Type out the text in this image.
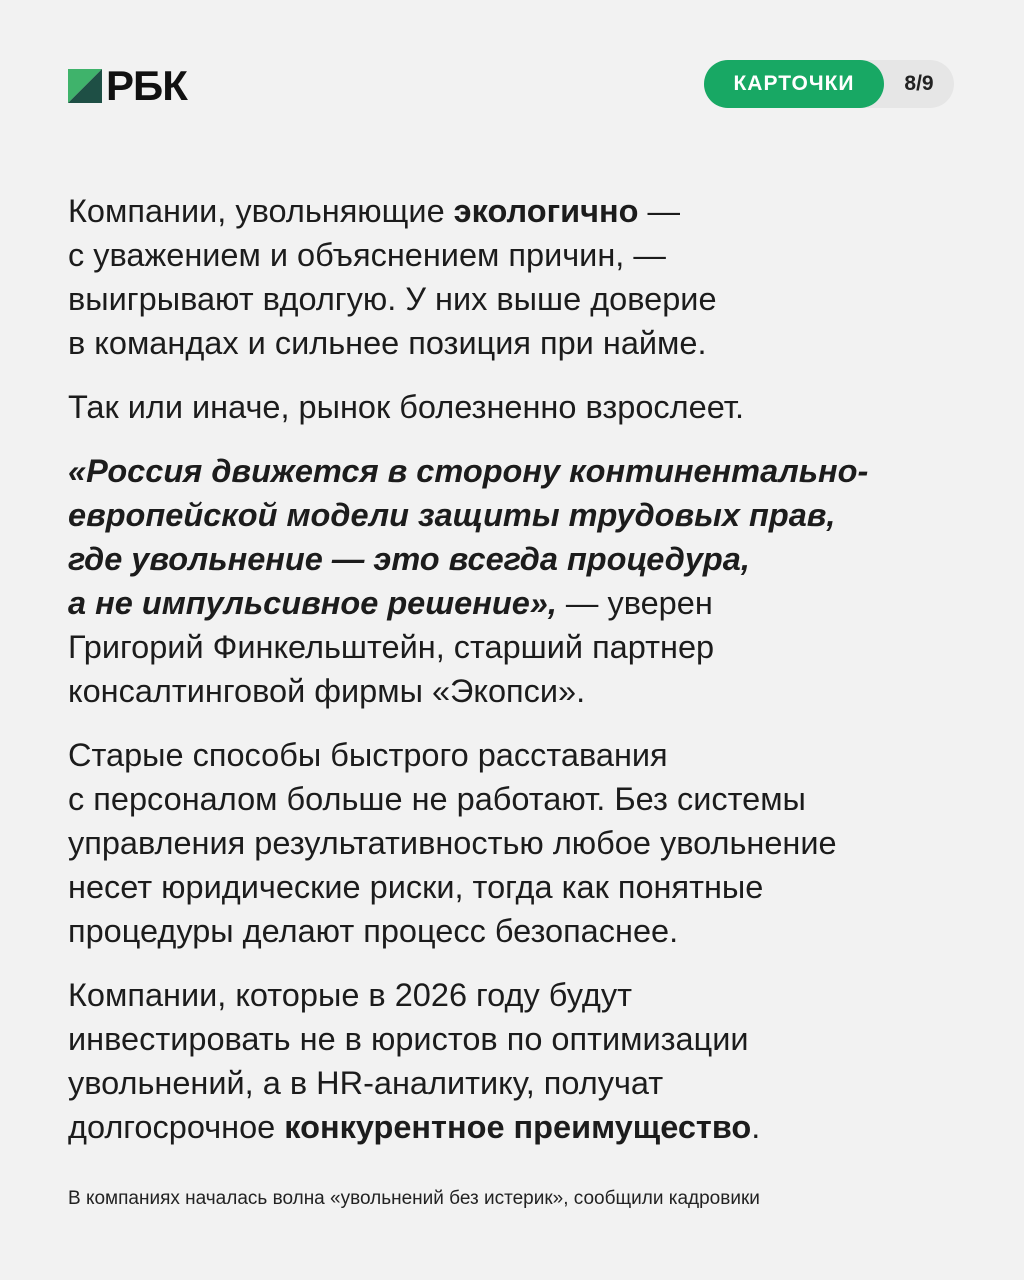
РБК	КАРТОЧКИ	8/9

Компании, увольняющие экологично —
с уважением и объяснением причин, —
выигрывают вдолгую. У них выше доверие
в командах и сильнее позиция при найме.

Так или иначе, рынок болезненно взрослеет.

«Россия движется в сторону континентально-
европейской модели защиты трудовых прав,
где увольнение — это всегда процедура,
а не импульсивное решение», — уверен
Григорий Финкельштейн, старший партнер
консалтинговой фирмы «Экопси».

Старые способы быстрого расставания
с персоналом больше не работают. Без системы
управления результативностью любое увольнение
несет юридические риски, тогда как понятные
процедуры делают процесс безопаснее.

Компании, которые в 2026 году будут
инвестировать не в юристов по оптимизации
увольнений, а в HR-аналитику, получат
долгосрочное конкурентное преимущество.

В компаниях началась волна «увольнений без истерик», сообщили кадровики
